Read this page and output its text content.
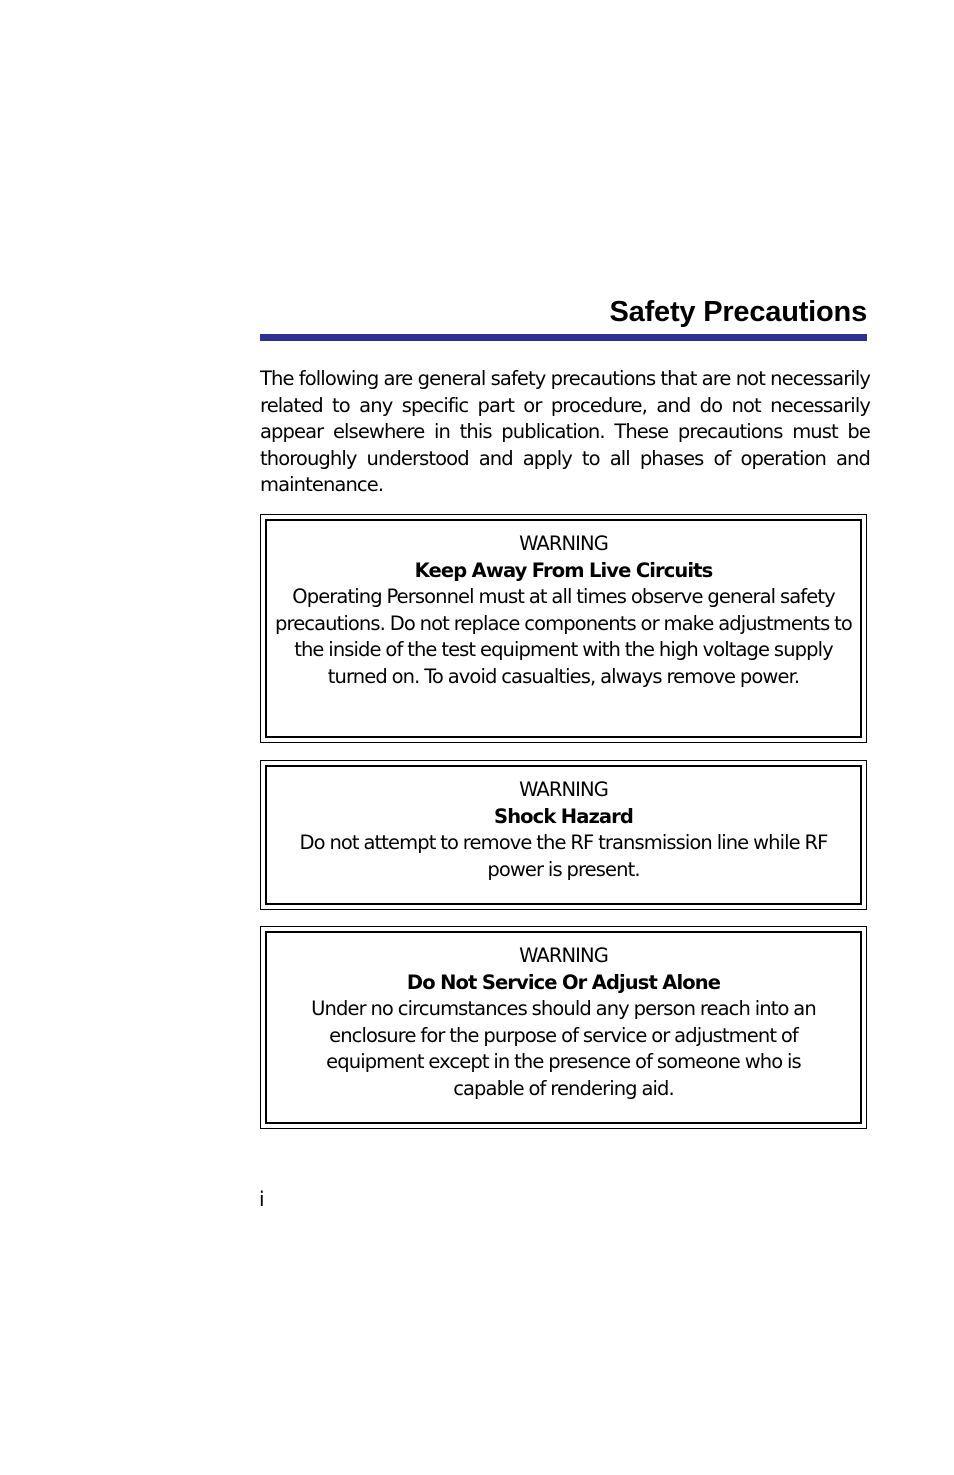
Safety Precautions

The following are general safety precautions that are not necessarily related to any specific part or procedure, and do not necessarily appear elsewhere in this publication. These precautions must be thoroughly understood and apply to all phases of operation and maintenance.

WARNING
Keep Away From Live Circuits
Operating Personnel must at all times observe general safety precautions. Do not replace components or make adjustments to the inside of the test equipment with the high voltage supply turned on. To avoid casualties, always remove power.
WARNING
Shock Hazard
Do not attempt to remove the RF transmission line while RF power is present.
WARNING
Do Not Service Or Adjust Alone
Under no circumstances should any person reach into an enclosure for the purpose of service or adjustment of equipment except in the presence of someone who is capable of rendering aid.
i
